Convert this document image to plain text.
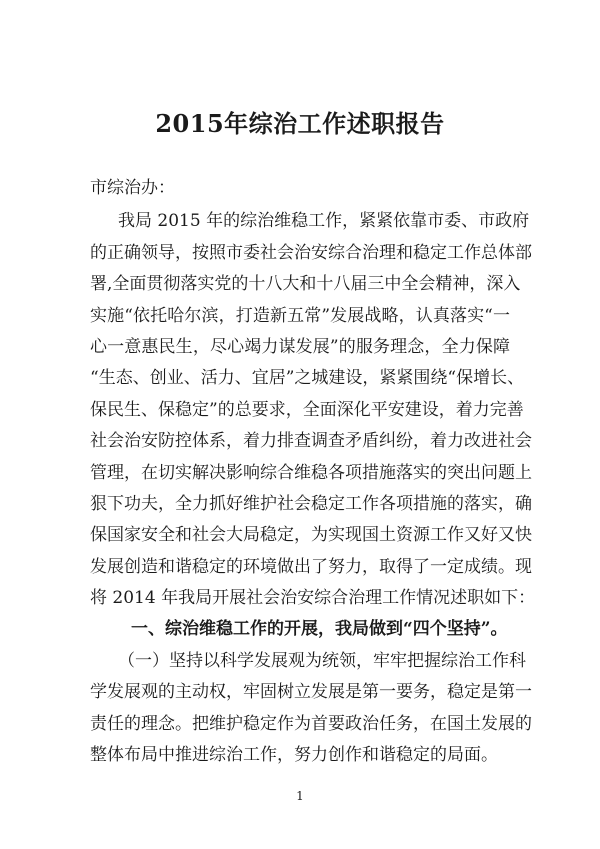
2015年综治工作述职报告
市综治办：
我局 2015 年的综治维稳工作，紧紧依靠市委、市政府
的正确领导，按照市委社会治安综合治理和稳定工作总体部
署,全面贯彻落实党的十八大和十八届三中全会精神，深入
实施“依托哈尔滨，打造新五常”发展战略，认真落实“一
心一意惠民生，尽心竭力谋发展”的服务理念，全力保障
“生态、创业、活力、宜居”之城建设，紧紧围绕“保增长、
保民生、保稳定”的总要求，全面深化平安建设，着力完善
社会治安防控体系，着力排查调查矛盾纠纷，着力改进社会
管理，在切实解决影响综合维稳各项措施落实的突出问题上
狠下功夫，全力抓好维护社会稳定工作各项措施的落实，确
保国家安全和社会大局稳定，为实现国土资源工作又好又快
发展创造和谐稳定的环境做出了努力，取得了一定成绩。现
将 2014 年我局开展社会治安综合治理工作情况述职如下：
一、综治维稳工作的开展，我局做到“四个坚持”。
（一）坚持以科学发展观为统领，牢牢把握综治工作科
学发展观的主动权，牢固树立发展是第一要务，稳定是第一
责任的理念。把维护稳定作为首要政治任务，在国土发展的
整体布局中推进综治工作，努力创作和谐稳定的局面。
1
